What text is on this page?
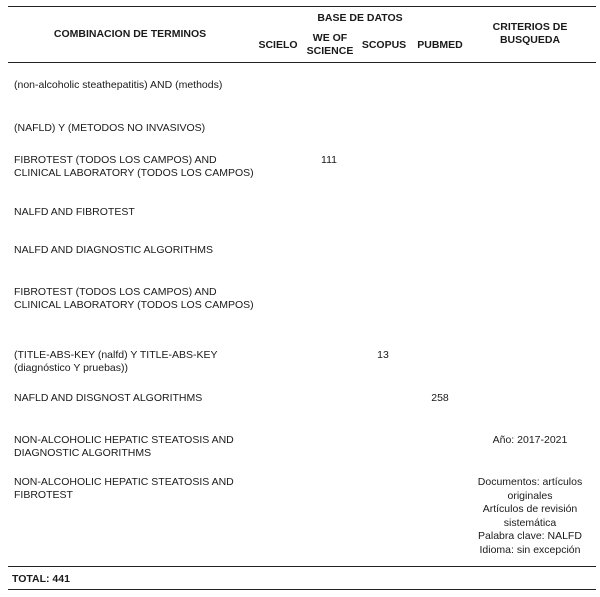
COMBINACION DE TERMINOS
BASE DE DATOS
SCIELO
WE OF
SCIENCE SCOPUS	PUBMED
CRITERIOS DE
BUSQUEDA
(non-alcoholic steathepatitis) AND (methods)
(NAFLD) Y (METODOS NO INVASIVOS)
FIBROTEST (TODOS LOS CAMPOS) AND
CLINICAL LABORATORY (TODOS LOS CAMPOS)
111
NALFD AND FIBROTEST
NALFD AND DIAGNOSTIC ALGORITHMS
FIBROTEST (TODOS LOS CAMPOS) AND
CLINICAL LABORATORY (TODOS LOS CAMPOS)
(TITLE-ABS-KEY (nalfd) Y TITLE-ABS-KEY
(diagnóstico Y pruebas))
13
NAFLD AND DISGNOST ALGORITHMS	258
NON-ALCOHOLIC HEPATIC STEATOSIS AND
DIAGNOSTIC ALGORITHMS
NON-ALCOHOLIC HEPATIC STEATOSIS AND
FIBROTEST
Año: 2017-2021
Documentos: artículos
originales
Artículos de revisión
sistemática
Palabra clave: NALFD
Idioma: sin excepción
TOTAL: 441
